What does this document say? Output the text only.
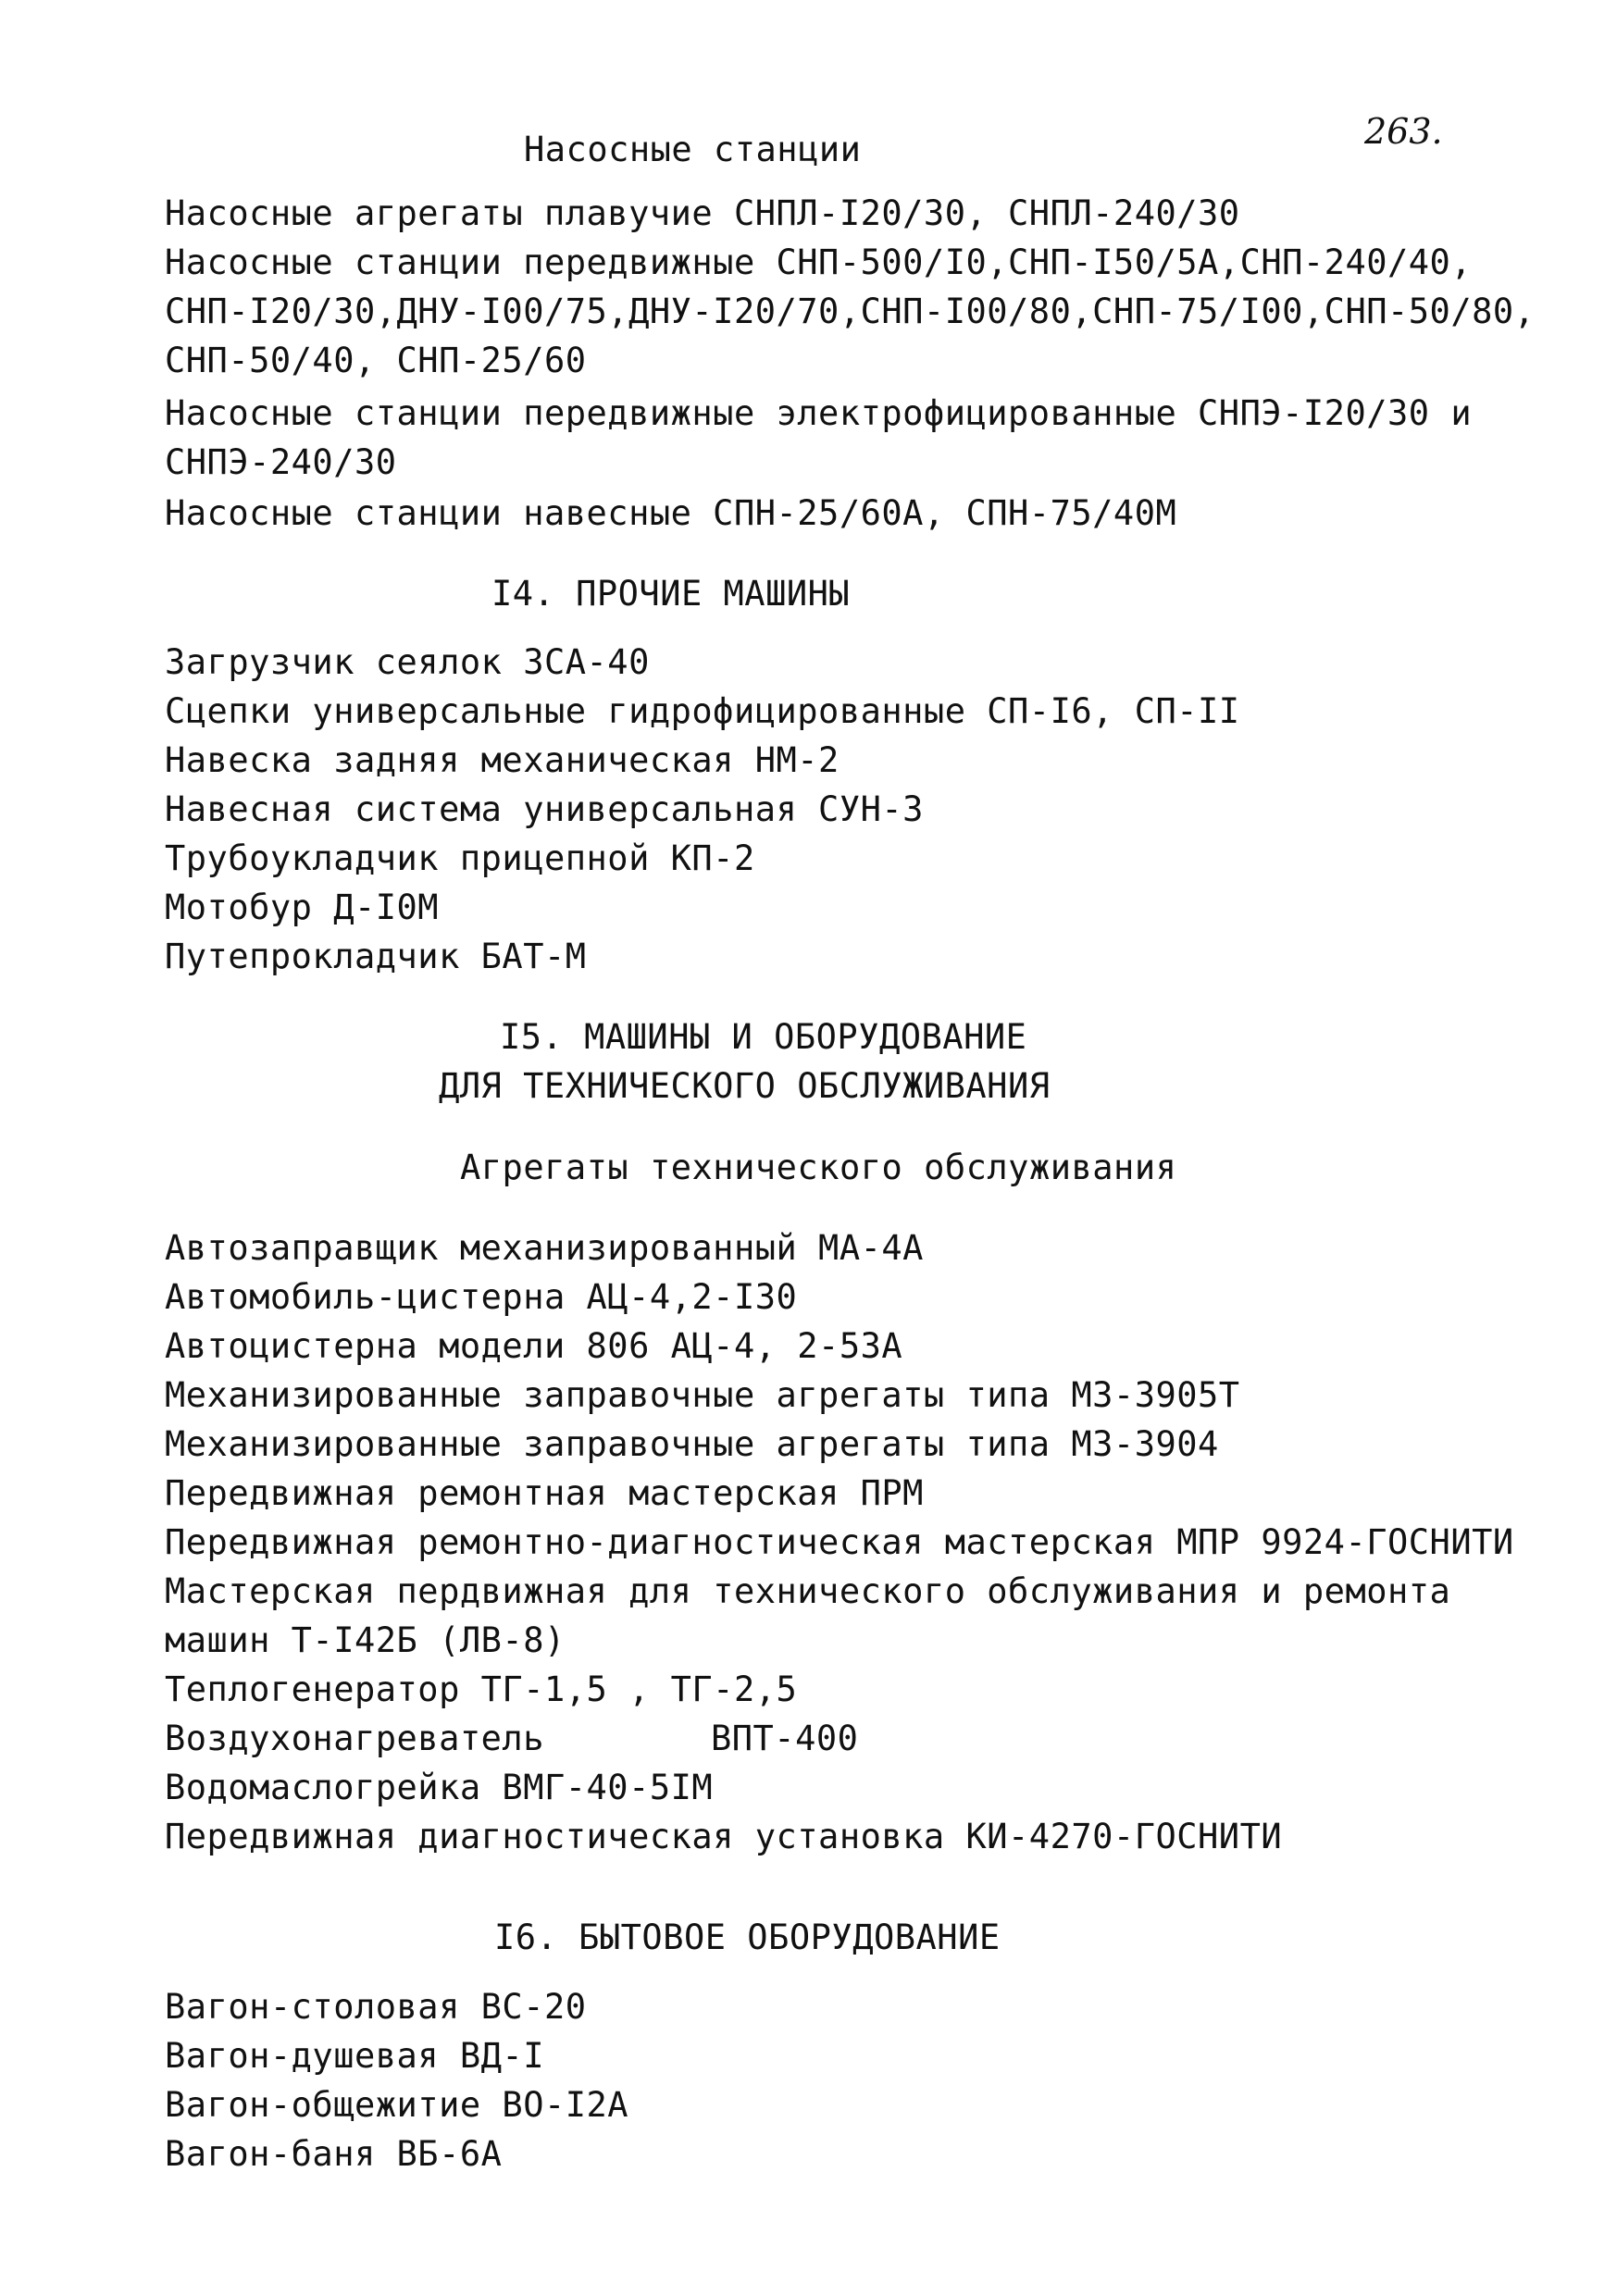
263.
Насосные станции
Насосные агрегаты плавучие СНПЛ-I20/30, СНПЛ-240/30
Насосные станции передвижные СНП-500/I0,СНП-I50/5А,СНП-240/40,
СНП-I20/30,ДНУ-I00/75,ДНУ-I20/70,СНП-I00/80,СНП-75/I00,СНП-50/80,
СНП-50/40, СНП-25/60
Насосные станции передвижные электрофицированные СНПЭ-I20/30 и
СНПЭ-240/30
Насосные станции навесные СПН-25/60А, СПН-75/40М
I4. ПРОЧИЕ МАШИНЫ
Загрузчик сеялок ЗСА-40
Сцепки универсальные гидрофицированные СП-I6, СП-II
Навеска задняя механическая НМ-2
Навесная система универсальная СУН-3
Трубоукладчик прицепной КП-2
Мотобур Д-I0М
Путепрокладчик БАТ-М
I5. МАШИНЫ И ОБОРУДОВАНИЕ
ДЛЯ ТЕХНИЧЕСКОГО ОБСЛУЖИВАНИЯ
Агрегаты технического обслуживания
Автозаправщик механизированный МА-4А
Автомобиль-цистерна АЦ-4,2-I30
Автоцистерна модели 806 АЦ-4, 2-53А
Механизированные заправочные агрегаты типа МЗ-3905Т
Механизированные заправочные агрегаты типа МЗ-3904
Передвижная ремонтная мастерская ПРМ
Передвижная ремонтно-диагностическая мастерская МПР 9924-ГОСНИТИ
Мастерская пердвижная для технического обслуживания и ремонта
машин Т-I42Б (ЛВ-8)
Теплогенератор ТГ-1,5 , ТГ-2,5
Воздухонагреватель	ВПТ-400
Водомаслогрейка ВМГ-40-5IМ
Передвижная диагностическая установка КИ-4270-ГОСНИТИ
I6. БЫТОВОЕ ОБОРУДОВАНИЕ
Вагон-столовая ВС-20
Вагон-душевая ВД-I
Вагон-общежитие ВО-I2А
Вагон-баня ВБ-6А
